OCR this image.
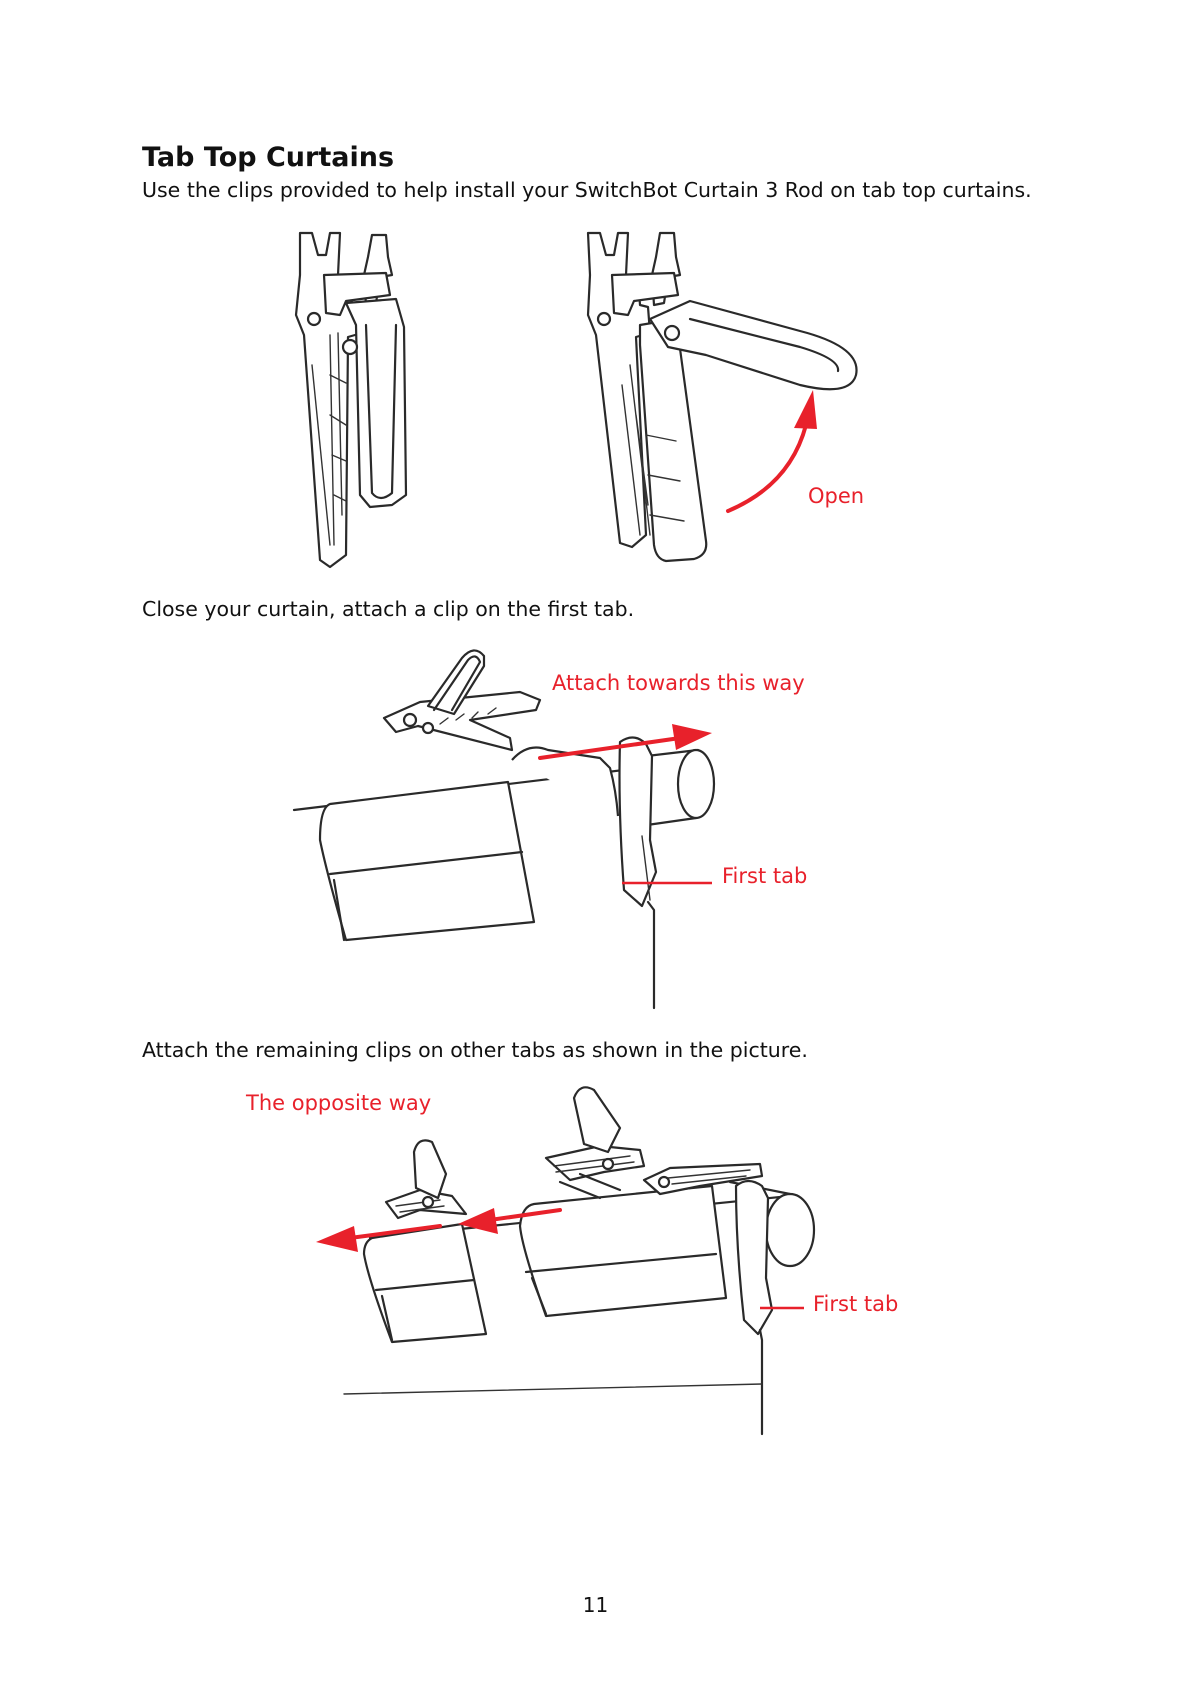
Tab Top Curtains

Use the clips provided to help install your SwitchBot Curtain 3 Rod on tab top curtains.

Open

Close your curtain, attach a clip on the first tab.

Attach towards this way
First tab

Attach the remaining clips on other tabs as shown in the picture.

The opposite way
First tab
11
